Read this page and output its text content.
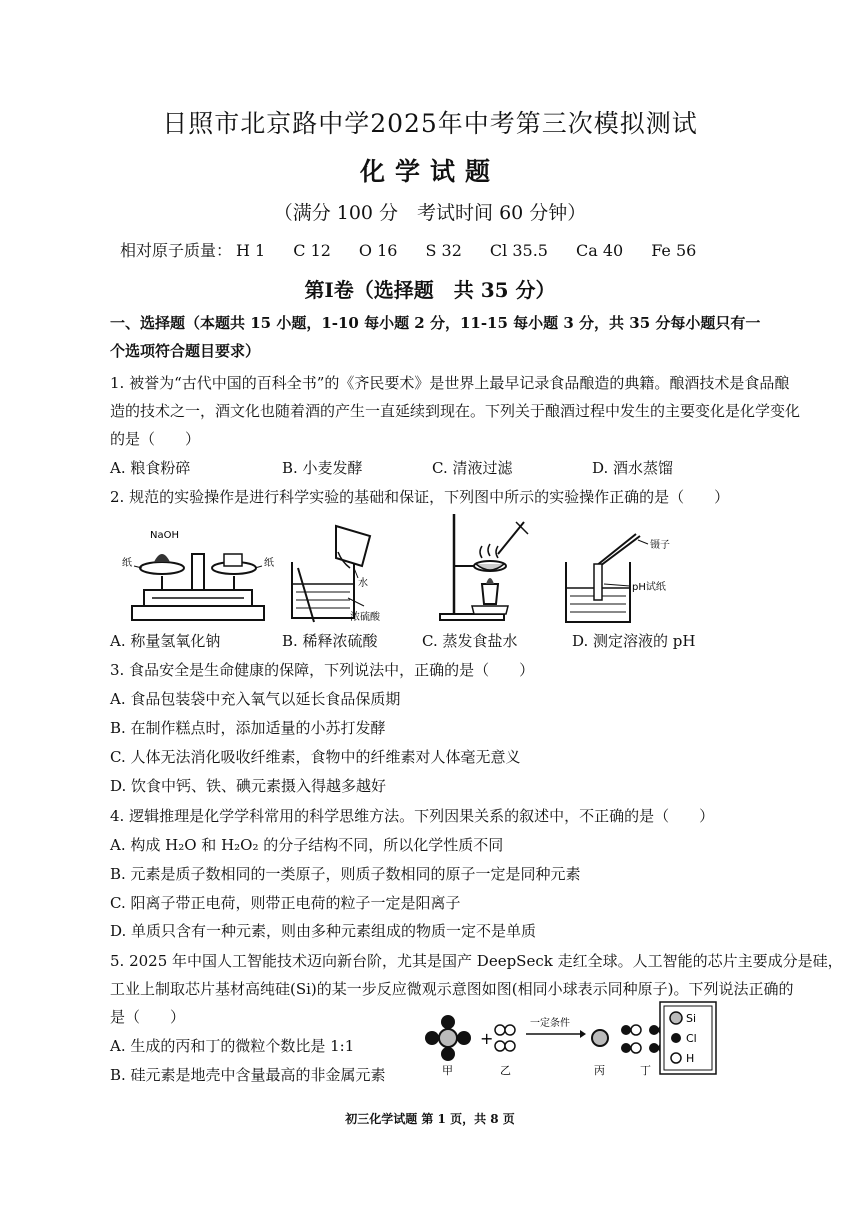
日照市北京路中学2025年中考第三次模拟测试
化学试题
（满分 100 分　考试时间 60 分钟）
相对原子质量： H 1 C 12 O 16 S 32 Cl 35.5 Ca 40 Fe 56
第Ⅰ卷（选择题　共 35 分）
一、选择题（本题共 15 小题，1-10 每小题 2 分，11-15 每小题 3 分，共 35 分每小题只有一
个选项符合题目要求）
1. 被誉为“古代中国的百科全书”的《齐民要术》是世界上最早记录食品酿造的典籍。酿酒技术是食品酿
造的技术之一，酒文化也随着酒的产生一直延续到现在。下列关于酿酒过程中发生的主要变化是化学变化
的是（　　）
A. 粮食粉碎	B. 小麦发酵	C. 清液过滤	D. 酒水蒸馏
2. 规范的实验操作是进行科学实验的基础和保证，下列图中所示的实验操作正确的是（　　）
NaOH
纸	纸
水
浓硫酸
镊子
pH试纸
A. 称量氢氧化钠	B. 稀释浓硫酸	C. 蒸发食盐水	D. 测定溶液的 pH
3. 食品安全是生命健康的保障，下列说法中，正确的是（　　）
A. 食品包装袋中充入氧气以延长食品保质期
B. 在制作糕点时，添加适量的小苏打发酵
C. 人体无法消化吸收纤维素，食物中的纤维素对人体毫无意义
D. 饮食中钙、铁、碘元素摄入得越多越好
4. 逻辑推理是化学学科常用的科学思维方法。下列因果关系的叙述中，不正确的是（　　）
A. 构成 H₂O 和 H₂O₂ 的分子结构不同，所以化学性质不同
B. 元素是质子数相同的一类原子，则质子数相同的原子一定是同种元素
C. 阳离子带正电荷，则带正电荷的粒子一定是阳离子
D. 单质只含有一种元素，则由多种元素组成的物质一定不是单质
5. 2025 年中国人工智能技术迈向新台阶，尤其是国产 DeepSeck 走红全球。人工智能的芯片主要成分是硅，
工业上制取芯片基材高纯硅(Si)的某一步反应微观示意图如图(相同小球表示同种原子)。下列说法正确的
是（　　）
A. 生成的丙和丁的微粒个数比是 1:1
B. 硅元素是地壳中含量最高的非金属元素
+
一定条件
甲	乙	丙	丁
Si
Cl
H
初三化学试题 第 1 页，共 8 页
